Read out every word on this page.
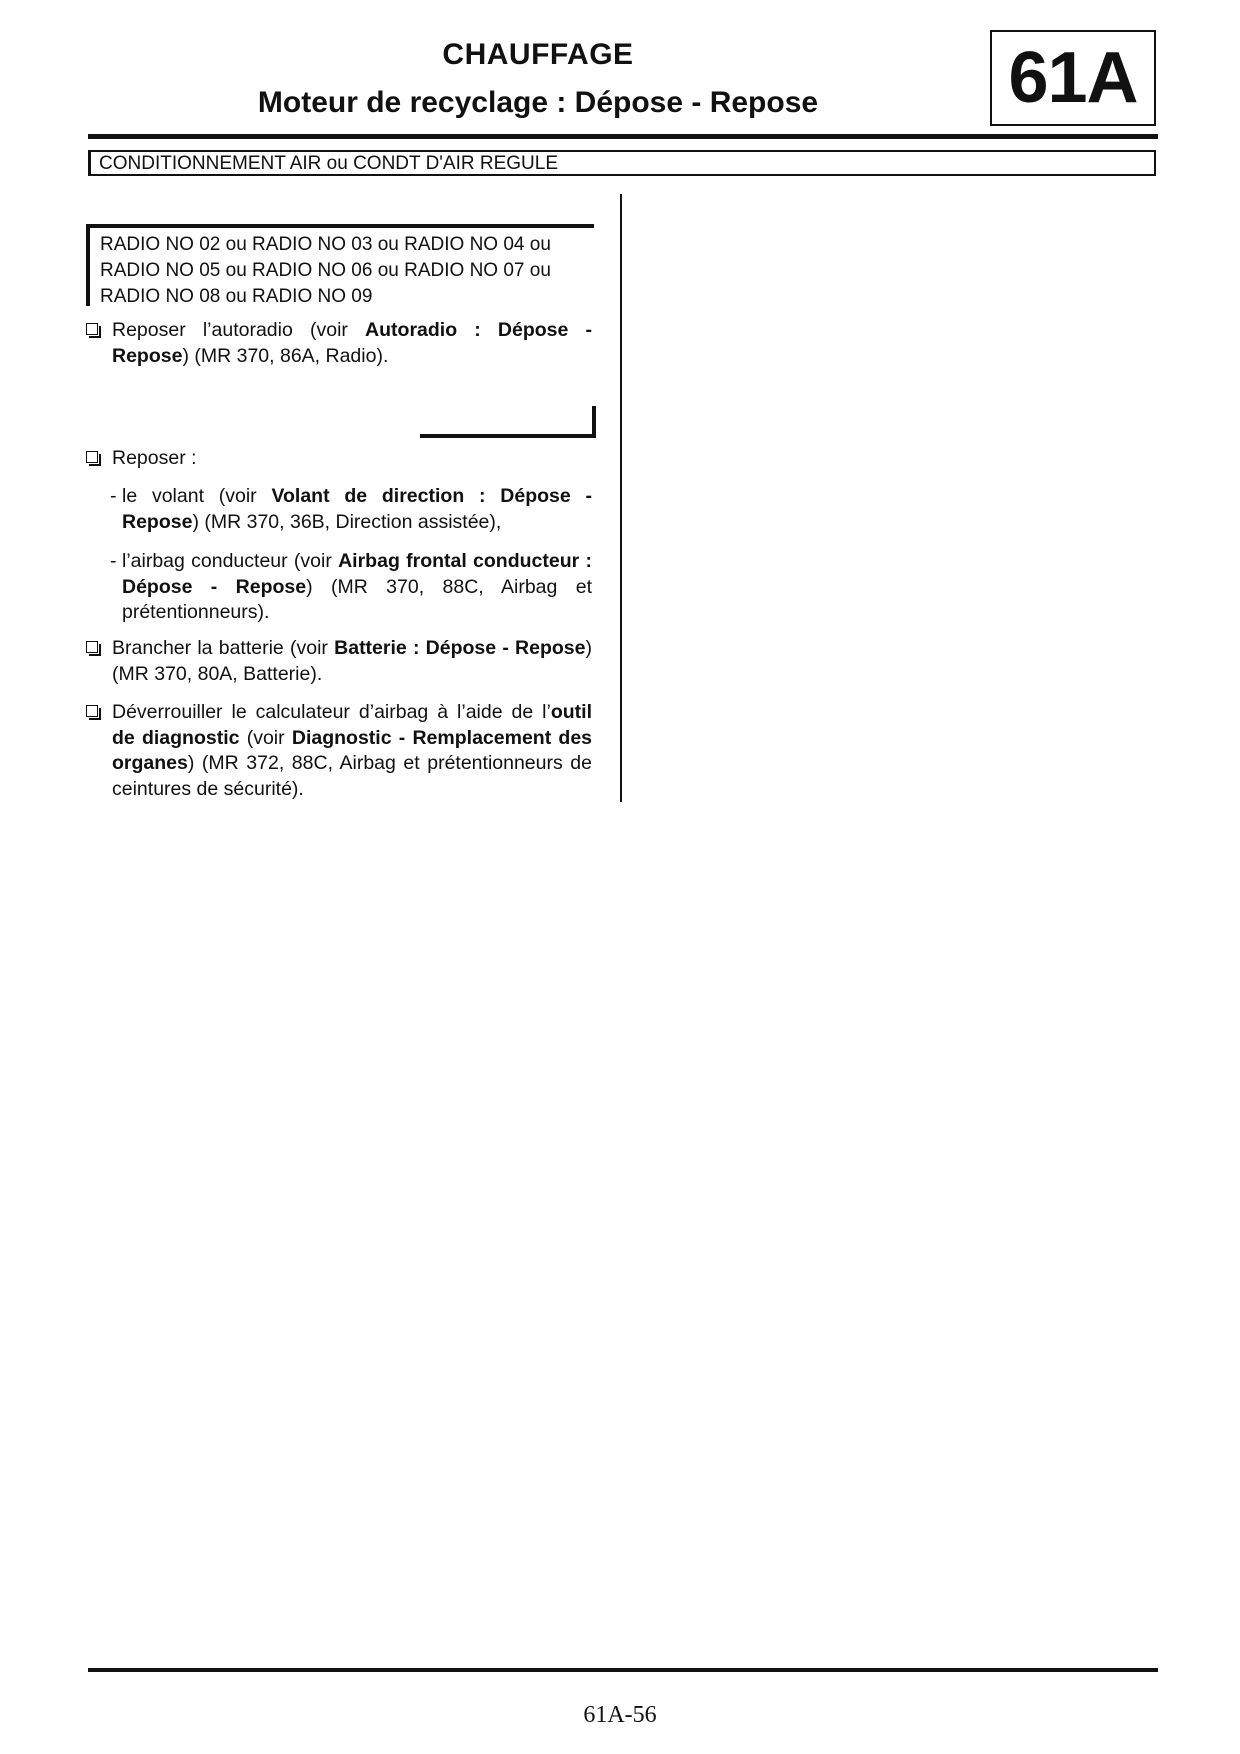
CHAUFFAGE
Moteur de recyclage : Dépose - Repose	61A
CONDITIONNEMENT AIR ou CONDT D'AIR REGULE
RADIO NO 02 ou RADIO NO 03 ou RADIO NO 04 ou RADIO NO 05 ou RADIO NO 06 ou RADIO NO 07 ou RADIO NO 08 ou RADIO NO 09
Reposer l’autoradio (voir Autoradio : Dépose - Repose) (MR 370, 86A, Radio).
Reposer :
- le volant (voir Volant de direction : Dépose - Repose) (MR 370, 36B, Direction assistée),
- l’airbag conducteur (voir Airbag frontal conducteur : Dépose - Repose) (MR 370, 88C, Airbag et prétentionneurs).
Brancher la batterie (voir Batterie : Dépose - Repose) (MR 370, 80A, Batterie).
Déverrouiller le calculateur d’airbag à l’aide de l’outil de diagnostic (voir Diagnostic - Remplacement des organes) (MR 372, 88C, Airbag et prétentionneurs de ceintures de sécurité).
61A-56
